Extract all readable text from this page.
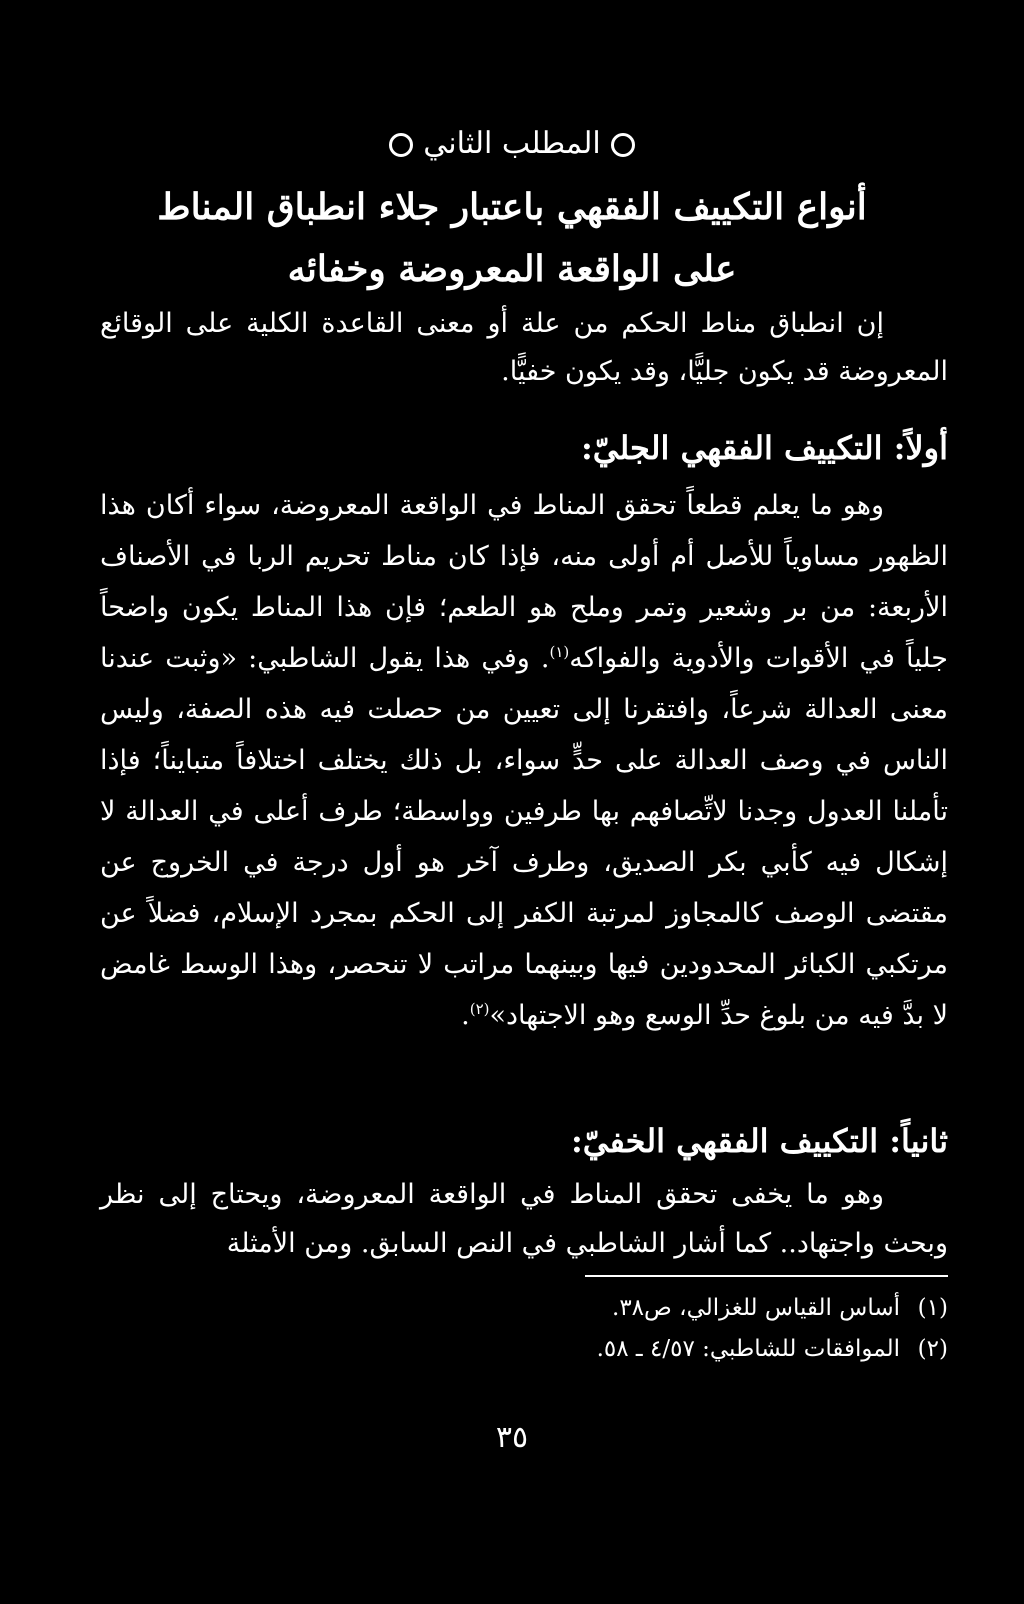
المطلب الثاني
أنواع التكييف الفقهي باعتبار جلاء انطباق المناط
على الواقعة المعروضة وخفائه

إن انطباق مناط الحكم من علة أو معنى القاعدة الكلية على الوقائع المعروضة قد يكون جليًّا، وقد يكون خفيًّا.

أولاً: التكييف الفقهي الجليّ:

وهو ما يعلم قطعاً تحقق المناط في الواقعة المعروضة، سواء أكان هذا الظهور مساوياً للأصل أم أولى منه، فإذا كان مناط تحريم الربا في الأصناف الأربعة: من بر وشعير وتمر وملح هو الطعم؛ فإن هذا المناط يكون واضحاً جلياً في الأقوات والأدوية والفواكه$^{(١)}$. وفي هذا يقول الشاطبي: «وثبت عندنا معنى العدالة شرعاً، وافتقرنا إلى تعيين من حصلت فيه هذه الصفة، وليس الناس في وصف العدالة على حدٍّ سواء، بل ذلك يختلف اختلافاً متبايناً؛ فإذا تأملنا العدول وجدنا لاتِّصافهم بها طرفين وواسطة؛ طرف أعلى في العدالة لا إشكال فيه كأبي بكر الصديق، وطرف آخر هو أول درجة في الخروج عن مقتضى الوصف كالمجاوز لمرتبة الكفر إلى الحكم بمجرد الإسلام، فضلاً عن مرتكبي الكبائر المحدودين فيها وبينهما مراتب لا تنحصر، وهذا الوسط غامض لا بدَّ فيه من بلوغ حدِّ الوسع وهو الاجتهاد»$^{(٢)}$.

ثانياً: التكييف الفقهي الخفيّ:

وهو ما يخفى تحقق المناط في الواقعة المعروضة، ويحتاج إلى نظر وبحث واجتهاد.. كما أشار الشاطبي في النص السابق. ومن الأمثلة

(١)أساس القياس للغزالي، ص٣٨.
(٢)الموافقات للشاطبي: ٤/٥٧ ـ ٥٨.
٣٥
